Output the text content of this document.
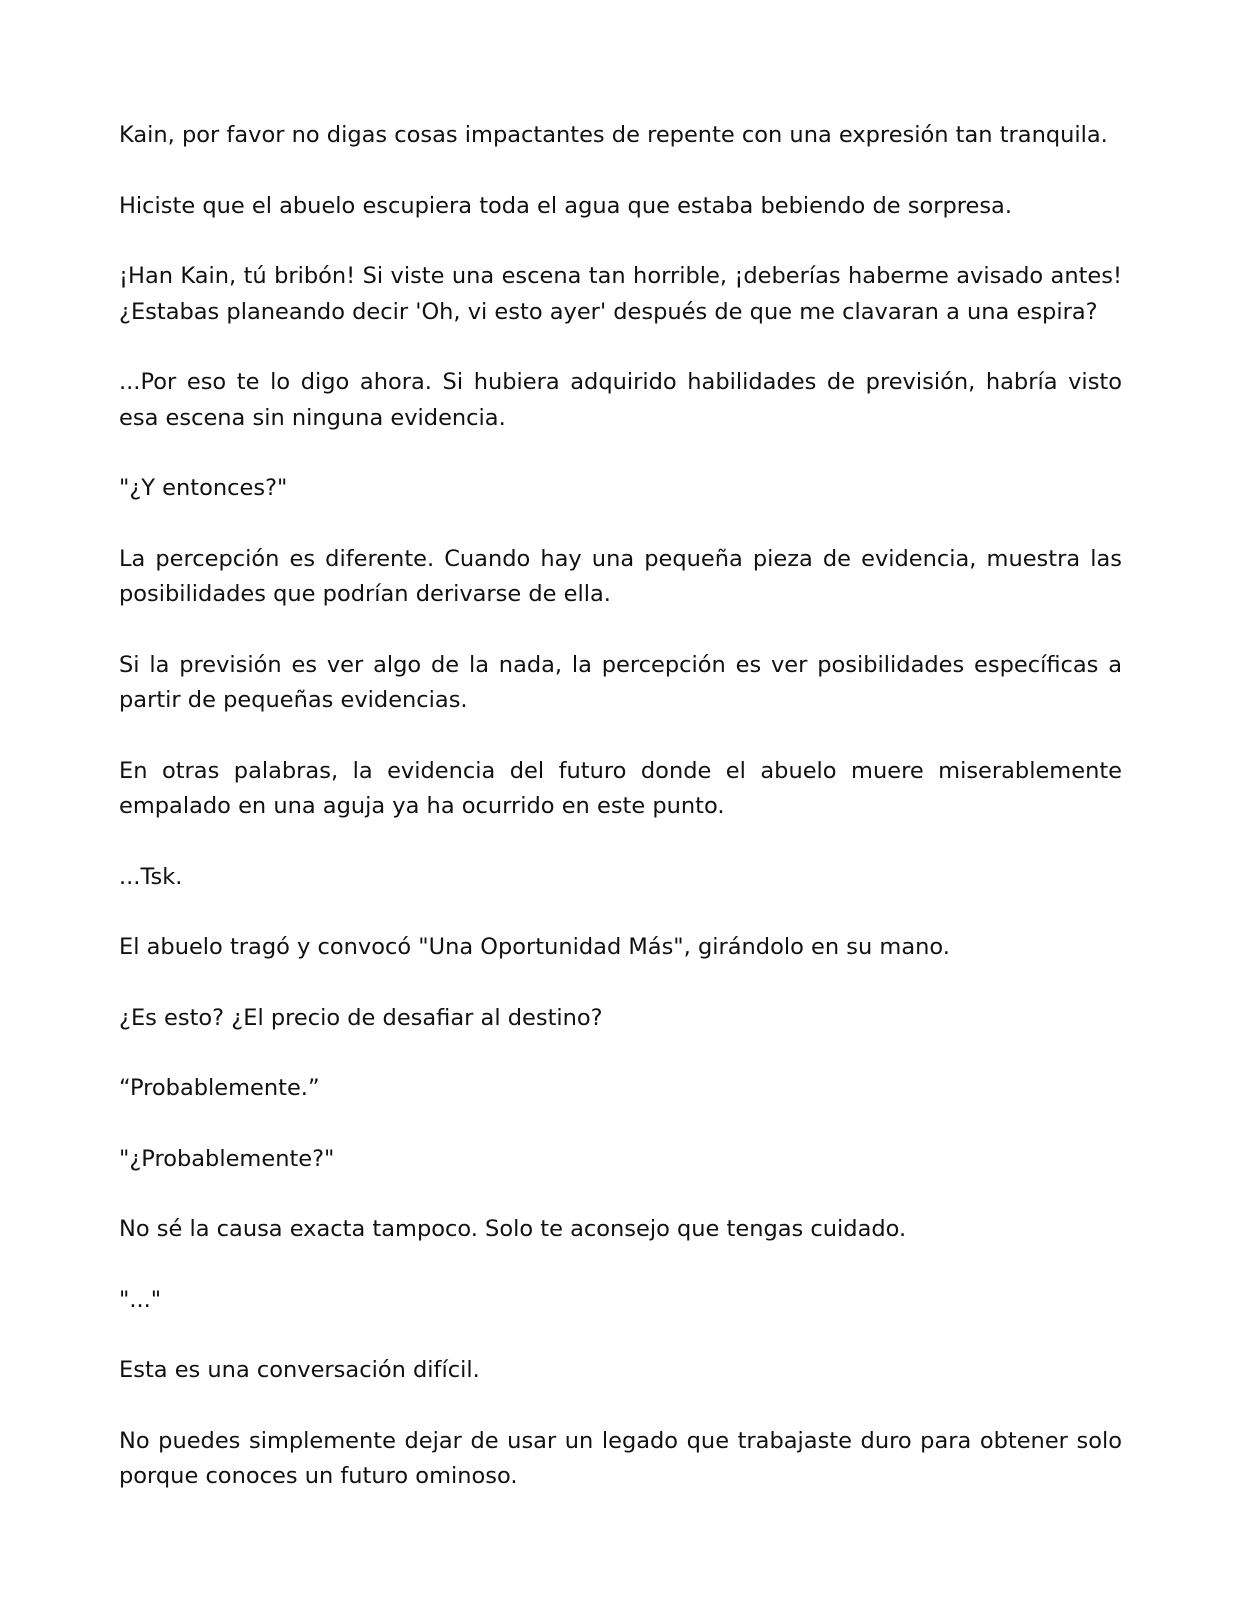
Kain, por favor no digas cosas impactantes de repente con una expresión tan tranquila.

Hiciste que el abuelo escupiera toda el agua que estaba bebiendo de sorpresa.

¡Han Kain, tú bribón! Si viste una escena tan horrible, ¡deberías haberme avisado antes! ¿Estabas planeando decir 'Oh, vi esto ayer' después de que me clavaran a una espira?

...Por eso te lo digo ahora. Si hubiera adquirido habilidades de previsión, habría visto esa escena sin ninguna evidencia.

"¿Y entonces?"

La percepción es diferente. Cuando hay una pequeña pieza de evidencia, muestra las posibilidades que podrían derivarse de ella.

Si la previsión es ver algo de la nada, la percepción es ver posibilidades específicas a partir de pequeñas evidencias.

En otras palabras, la evidencia del futuro donde el abuelo muere miserablemente empalado en una aguja ya ha ocurrido en este punto.

...Tsk.

El abuelo tragó y convocó "Una Oportunidad Más", girándolo en su mano.

¿Es esto? ¿El precio de desafiar al destino?

“Probablemente.”

"¿Probablemente?"

No sé la causa exacta tampoco. Solo te aconsejo que tengas cuidado.

"..."

Esta es una conversación difícil.

No puedes simplemente dejar de usar un legado que trabajaste duro para obtener solo porque conoces un futuro ominoso.
